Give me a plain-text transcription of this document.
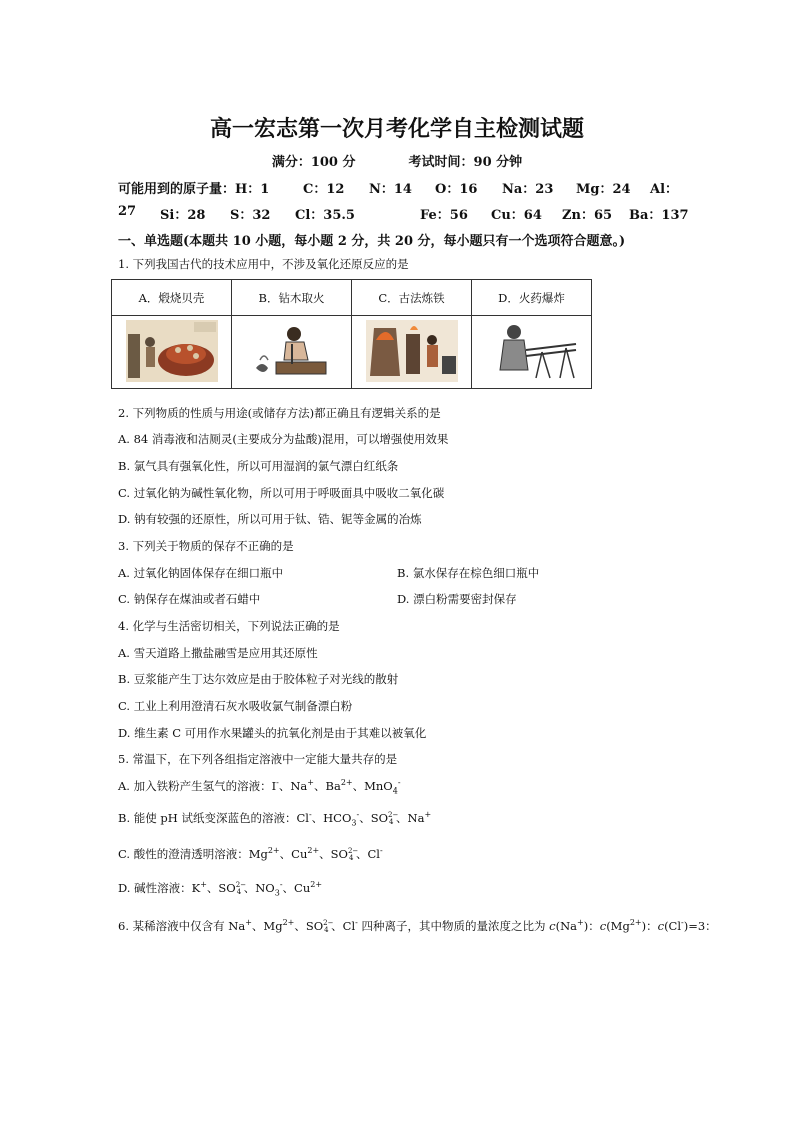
高一宏志第一次月考化学自主检测试题
满分：100 分	考试时间：90 分钟
可能用到的原子量：H：1	C：12 N：14 O：16 Na：23 Mg：24 Al：
27 Si：28 S：32 Cl：35.5	Fe：56 Cu：64 Zn：65 Ba：137
一、单选题(本题共 10 小题，每小题 2 分，共 20 分，每小题只有一个选项符合题意。)
1. 下列我国古代的技术应用中，不涉及氧化还原反应的是
A．煅烧贝壳	B．钻木取火	C．古法炼铁	D．火药爆炸

2. 下列物质的性质与用途(或储存方法)都正确且有逻辑关系的是
A. 84 消毒液和洁厕灵(主要成分为盐酸)混用，可以增强使用效果
B. 氯气具有强氧化性，所以可用湿润的氯气漂白红纸条
C. 过氧化钠为碱性氧化物，所以可用于呼吸面具中吸收二氧化碳
D. 钠有较强的还原性，所以可用于钛、锆、铌等金属的冶炼
3. 下列关于物质的保存不正确的是
A. 过氧化钠固体保存在细口瓶中	B. 氯水保存在棕色细口瓶中
C. 钠保存在煤油或者石蜡中	D. 漂白粉需要密封保存
4. 化学与生活密切相关，下列说法正确的是
A. 雪天道路上撒盐融雪是应用其还原性
B. 豆浆能产生丁达尔效应是由于胶体粒子对光线的散射
C. 工业上利用澄清石灰水吸收氯气制备漂白粉
D. 维生素 C 可用作水果罐头的抗氧化剂是由于其难以被氧化
5. 常温下，在下列各组指定溶液中一定能大量共存的是
A. 加入铁粉产生氢气的溶液：I-、Na+、$Ba^{2+}$、MnO$_4$-
B. 能使 pH 试纸变深蓝色的溶液：Cl-、$HCO_3^-$、SO 2−
4 、Na+
C. 酸性的澄清透明溶液：$Mg^{2+}$、$Cu^{2+}$、SO 2−
4 、Cl-
D. 碱性溶液：K+、SO 2−
4 、$NO_3^-$、$Cu^{2+}$
6. 某稀溶液中仅含有 Na+、$Mg^{2+}$、SO 2−
4 、Cl- 四种离子，其中物质的量浓度之比为 c(Na+)：$c(Mg^{2+})$：c(Cl-)=3：
